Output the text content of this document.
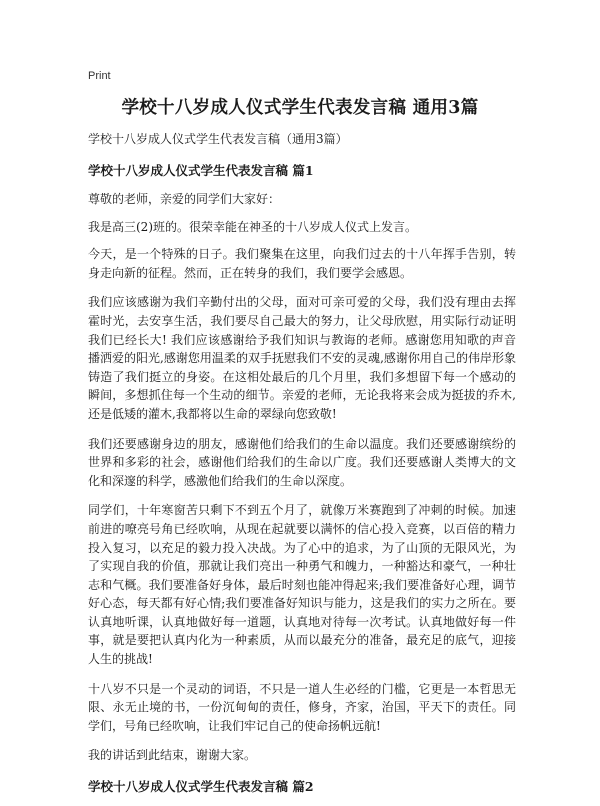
Print
学校十八岁成人仪式学生代表发言稿 通用3篇

学校十八岁成人仪式学生代表发言稿（通用3篇）

学校十八岁成人仪式学生代表发言稿 篇1

尊敬的老师，亲爱的同学们大家好：

我是高三(2)班的。很荣幸能在神圣的十八岁成人仪式上发言。

今天，是一个特殊的日子。我们聚集在这里，向我们过去的十八年挥手告别，转身走向新的征程。然而，正在转身的我们，我们要学会感恩。

我们应该感谢为我们辛勤付出的父母，面对可亲可爱的父母，我们没有理由去挥霍时光，去安享生活，我们要尽自己最大的努力，让父母欣慰，用实际行动证明我们已经长大! 我们应该感谢给予我们知识与教诲的老师。感谢您用知歌的声音播洒爱的阳光,感谢您用温柔的双手抚慰我们不安的灵魂,感谢你用自己的伟岸形象铸造了我们挺立的身姿。在这相处最后的几个月里，我们多想留下每一个感动的瞬间，多想抓住每一个生动的细节。亲爱的老师，无论我将来会成为挺拔的乔木,还是低矮的灌木,我都将以生命的翠绿向您致敬!

我们还要感谢身边的朋友，感谢他们给我们的生命以温度。我们还要感谢缤纷的世界和多彩的社会，感谢他们给我们的生命以广度。我们还要感谢人类博大的文化和深邃的科学，感激他们给我们的生命以深度。

同学们，十年寒窗苦只剩下不到五个月了，就像万米赛跑到了冲刺的时候。加速前进的嘹亮号角已经吹响，从现在起就要以满怀的信心投入竞赛，以百倍的精力投入复习，以充足的毅力投入决战。为了心中的追求，为了山顶的无限风光，为了实现自我的价值，那就让我们亮出一种勇气和魄力，一种豁达和豪气，一种壮志和气概。我们要准备好身体，最后时刻也能冲得起来;我们要准备好心理，调节好心态，每天都有好心情;我们要准备好知识与能力，这是我们的实力之所在。要认真地听课，认真地做好每一道题，认真地对待每一次考试。认真地做好每一件事，就是要把认真内化为一种素质，从而以最充分的准备，最充足的底气，迎接人生的挑战!

十八岁不只是一个灵动的词语，不只是一道人生必经的门槛，它更是一本哲思无限、永无止境的书，一份沉甸甸的责任，修身，齐家，治国，平天下的责任。同学们，号角已经吹响，让我们牢记自己的使命扬帆远航!

我的讲话到此结束，谢谢大家。

学校十八岁成人仪式学生代表发言稿 篇2
